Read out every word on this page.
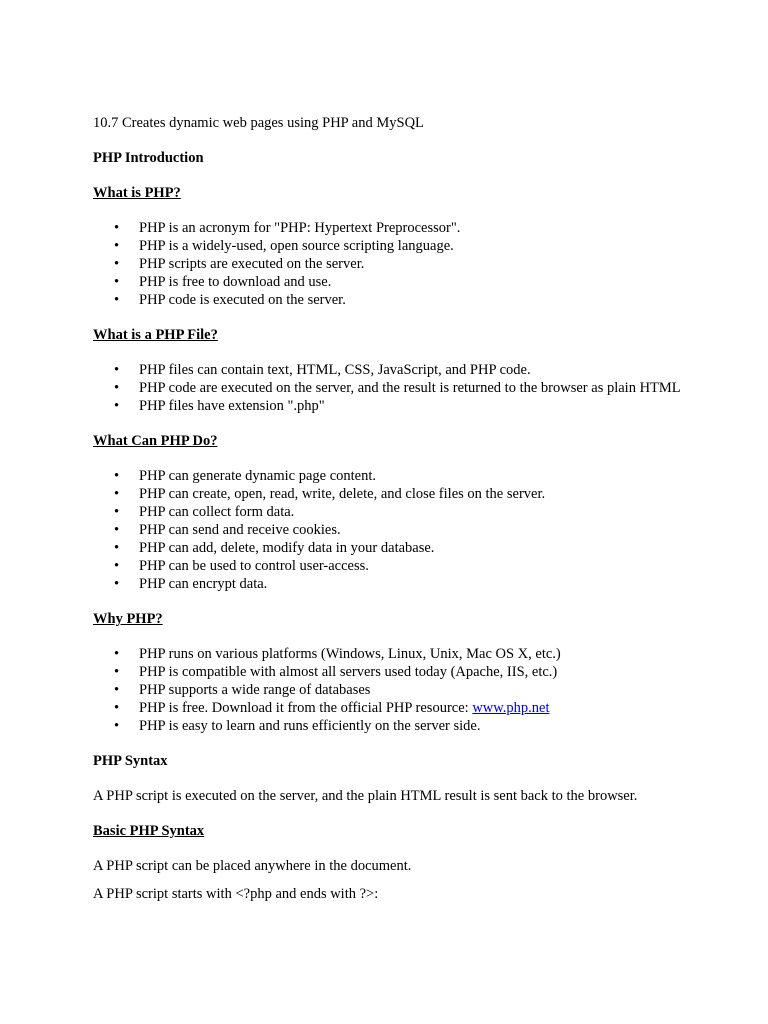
10.7 Creates dynamic web pages using PHP and MySQL

PHP Introduction

What is PHP?

• PHP is an acronym for "PHP: Hypertext Preprocessor".
• PHP is a widely-used, open source scripting language.
• PHP scripts are executed on the server.
• PHP is free to download and use.
• PHP code is executed on the server.

What is a PHP File?

• PHP files can contain text, HTML, CSS, JavaScript, and PHP code.
• PHP code are executed on the server, and the result is returned to the browser as plain HTML
• PHP files have extension ".php"

What Can PHP Do?

• PHP can generate dynamic page content.
• PHP can create, open, read, write, delete, and close files on the server.
• PHP can collect form data.
• PHP can send and receive cookies.
• PHP can add, delete, modify data in your database.
• PHP can be used to control user-access.
• PHP can encrypt data.

Why PHP?

• PHP runs on various platforms (Windows, Linux, Unix, Mac OS X, etc.)
• PHP is compatible with almost all servers used today (Apache, IIS, etc.)
• PHP supports a wide range of databases
• PHP is free. Download it from the official PHP resource: www.php.net
• PHP is easy to learn and runs efficiently on the server side.

PHP Syntax

A PHP script is executed on the server, and the plain HTML result is sent back to the browser.

Basic PHP Syntax

A PHP script can be placed anywhere in the document.

A PHP script starts with <?php and ends with ?>:
